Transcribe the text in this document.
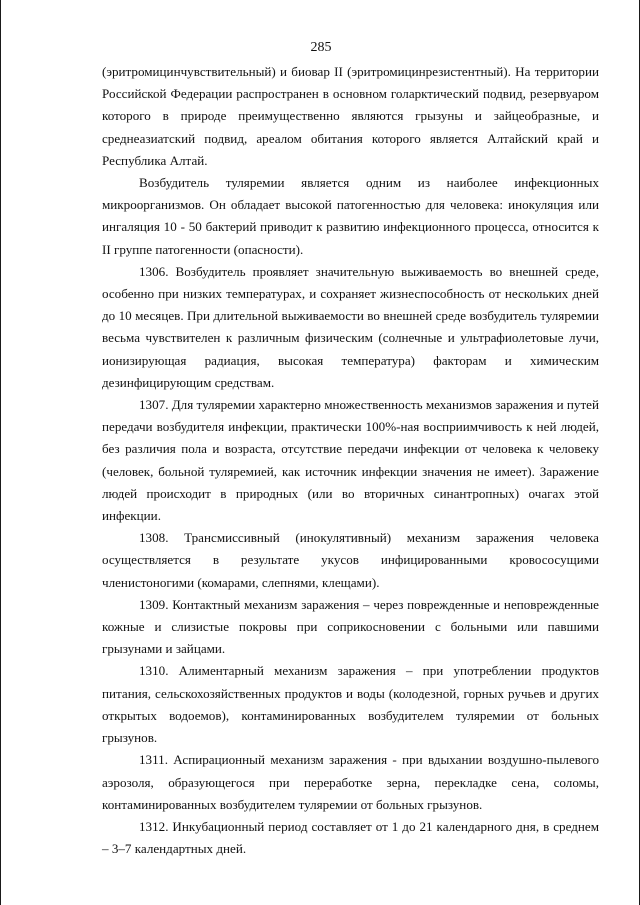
285

(эритромицинчувствительный) и биовар II (эритромицинрезистентный). На территории Российской Федерации распространен в основном голарктический подвид, резервуаром которого в природе преимущественно являются грызуны и зайцеобразные, и среднеазиатский подвид, ареалом обитания которого является Алтайский край и Республика Алтай.

Возбудитель туляремии является одним из наиболее инфекционных микроорганизмов. Он обладает высокой патогенностью для человека: инокуляция или ингаляция 10 - 50 бактерий приводит к развитию инфекционного процесса, относится к II группе патогенности (опасности).

1306. Возбудитель проявляет значительную выживаемость во внешней среде, особенно при низких температурах, и сохраняет жизнеспособность от нескольких дней до 10 месяцев. При длительной выживаемости во внешней среде возбудитель туляремии весьма чувствителен к различным физическим (солнечные и ультрафиолетовые лучи, ионизирующая радиация, высокая температура) факторам и химическим дезинфицирующим средствам.

1307. Для туляремии характерно множественность механизмов заражения и путей передачи возбудителя инфекции, практически 100%-ная восприимчивость к ней людей, без различия пола и возраста, отсутствие передачи инфекции от человека к человеку (человек, больной туляремией, как источник инфекции значения не имеет). Заражение людей происходит в природных (или во вторичных синантропных) очагах этой инфекции.

1308. Трансмиссивный (инокулятивный) механизм заражения человека осуществляется в результате укусов инфицированными кровососущими членистоногими (комарами, слепнями, клещами).

1309. Контактный механизм заражения – через поврежденные и неповрежденные кожные и слизистые покровы при соприкосновении с больными или павшими грызунами и зайцами.

1310. Алиментарный механизм заражения – при употреблении продуктов питания, сельскохозяйственных продуктов и воды (колодезной, горных ручьев и других открытых водоемов), контаминированных возбудителем туляремии от больных грызунов.

1311. Аспирационный механизм заражения - при вдыхании воздушно-пылевого аэрозоля, образующегося при переработке зерна, перекладке сена, соломы, контаминированных возбудителем туляремии от больных грызунов.

1312. Инкубационный период составляет от 1 до 21 календарного дня, в среднем – 3–7 календартных дней.
